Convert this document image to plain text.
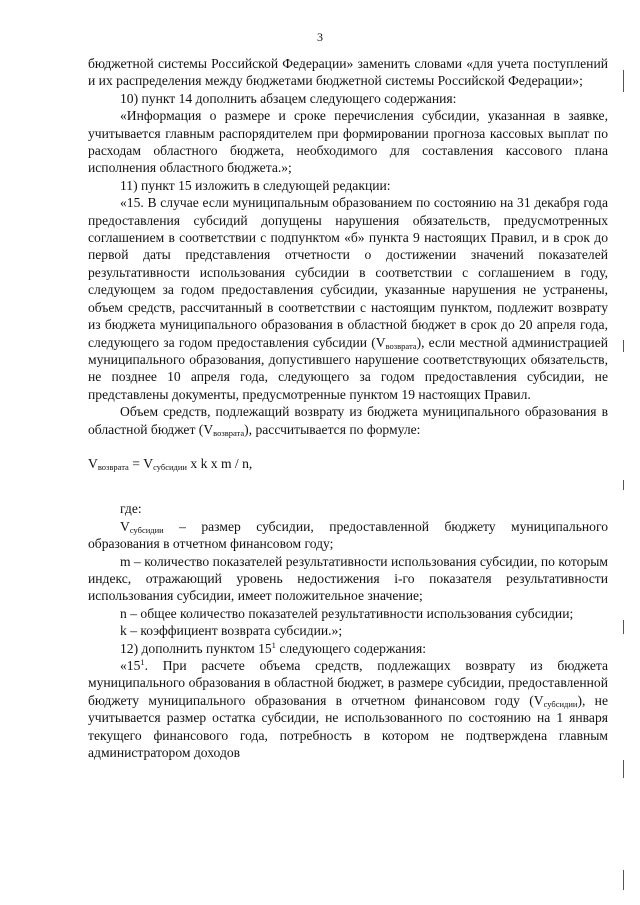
3

бюджетной системы Российской Федерации» заменить словами «для учета поступлений и их распределения между бюджетами бюджетной системы Российской Федерации»;

10) пункт 14 дополнить абзацем следующего содержания:

«Информация о размере и сроке перечисления субсидии, указанная в заявке, учитывается главным распорядителем при формировании прогноза кассовых выплат по расходам областного бюджета, необходимого для составления кассового плана исполнения областного бюджета.»;

11) пункт 15 изложить в следующей редакции:

«15. В случае если муниципальным образованием по состоянию на 31 декабря года предоставления субсидий допущены нарушения обязательств, предусмотренных соглашением в соответствии с подпунктом «б» пункта 9 настоящих Правил, и в срок до первой даты представления отчетности о достижении значений показателей результативности использования субсидии в соответствии с соглашением в году, следующем за годом предоставления субсидии, указанные нарушения не устранены, объем средств, рассчитанный в соответствии с настоящим пунктом, подлежит возврату из бюджета муниципального образования в областной бюджет в срок до 20 апреля года, следующего за годом предоставления субсидии $(V_{возврата})$, если местной администрацией муниципального образования, допустившего нарушение соответствующих обязательств, не позднее 10 апреля года, следующего за годом предоставления субсидии, не представлены документы, предусмотренные пунктом 19 настоящих Правил.

Объем средств, подлежащий возврату из бюджета муниципального образования в областной бюджет $(V_{возврата})$, рассчитывается по формуле:

$V_{возврата} = V_{субсидии}$ x k x m / n,

где:

$V_{субсидии}$ – размер субсидии, предоставленной бюджету муниципального образования в отчетном финансовом году;

m – количество показателей результативности использования субсидии, по которым индекс, отражающий уровень недостижения i-го показателя результативности использования субсидии, имеет положительное значение;

n – общее количество показателей результативности использования субсидии;

k – коэффициент возврата субсидии.»;

12) дополнить пунктом $15^1$ следующего содержания:

«$15^1$. При расчете объема средств, подлежащих возврату из бюджета муниципального образования в областной бюджет, в размере субсидии, предоставленной бюджету муниципального образования в отчетном финансовом году $(V_{субсидии})$, не учитывается размер остатка субсидии, не использованного по состоянию на 1 января текущего финансового года, потребность в котором не подтверждена главным администратором доходов
